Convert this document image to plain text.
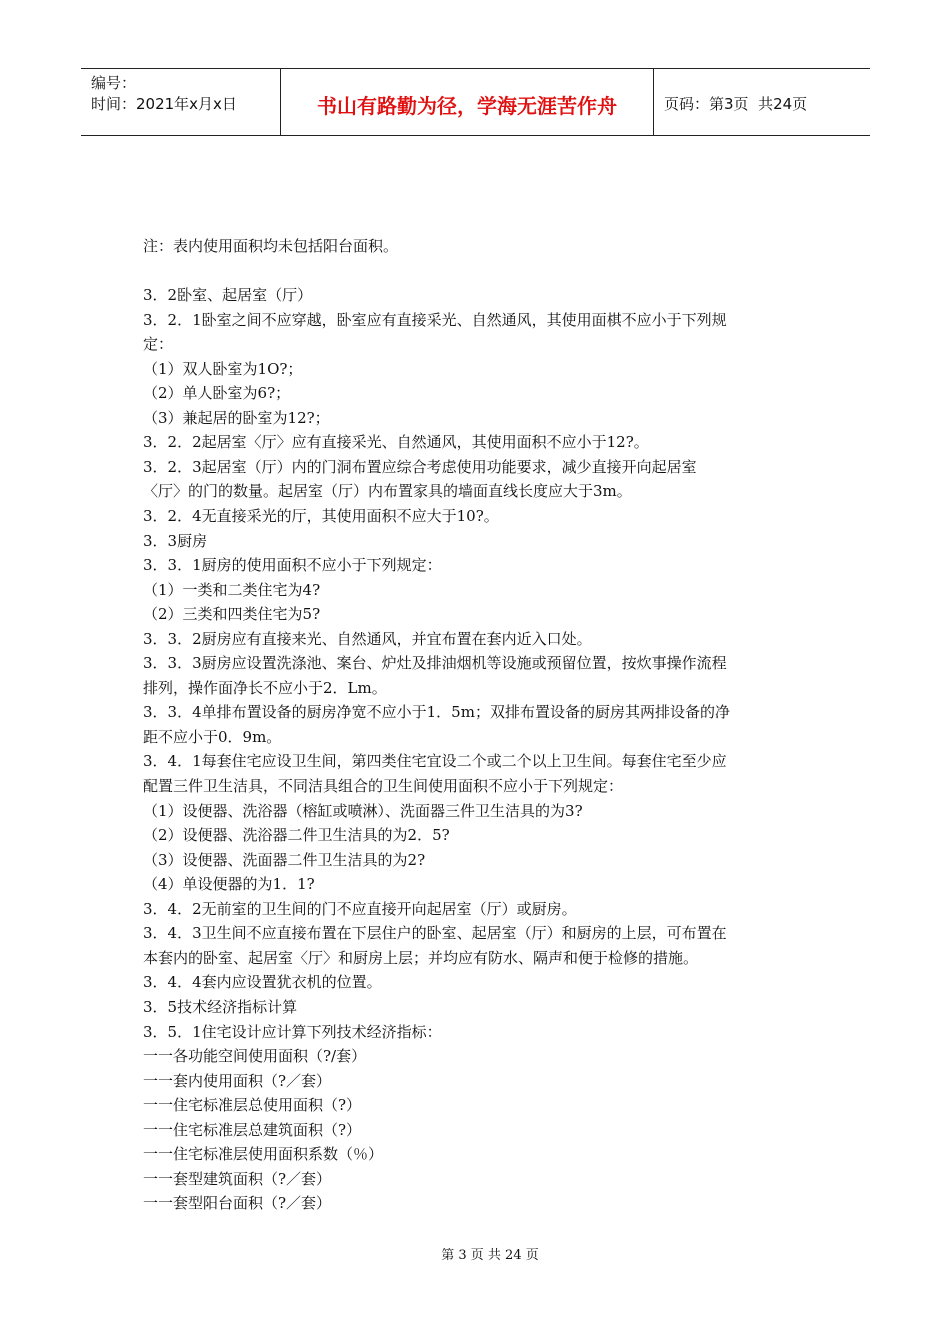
编号：
时间：2021年x月x日	书山有路勤为径，学海无涯苦作舟	页码：第3页  共24页
注：表内使用面积均未包括阳台面积。
3．2卧室、起居室（厅）
3．2．1卧室之间不应穿越，卧室应有直接采光、自然通风，其使用面棋不应小于下列规
定：
（1）双人卧室为1O?；
（2）单人卧室为6?；
（3）兼起居的卧室为12?；
3．2．2起居室〈厅〉应有直接采光、自然通风，其使用面积不应小于12?。
3．2．3起居室（厅）内的门洞布置应综合考虑使用功能要求，减少直接开向起居室
〈厅〉的门的数量。起居室（厅）内布置家具的墙面直线长度应大于3m。
3．2．4无直接采光的厅，其使用面积不应大于10?。
3．3厨房
3．3．1厨房的使用面积不应小于下列规定：
（1）一类和二类住宅为4?
（2）三类和四类住宅为5?
3．3．2厨房应有直接来光、自然通风，并宜布置在套内近入口处。
3．3．3厨房应设置洗涤池、案台、炉灶及排油烟机等设施或预留位置，按炊事操作流程
排列，操作面净长不应小于2．Lm。
3．3．4单排布置设备的厨房净宽不应小于1．5m；双排布置设备的厨房其两排设备的净
距不应小于0．9m。
3．4．1每套住宅应设卫生间，第四类住宅宜设二个或二个以上卫生间。每套住宅至少应
配置三件卫生洁具，不同洁具组合的卫生间使用面积不应小于下列规定：
（1）设便器、洗浴器（榕缸或喷淋）、洗面器三件卫生洁具的为3?
（2）设便器、洗浴器二件卫生洁具的为2．5?
（3）设便器、洗面器二件卫生洁具的为2?
（4）单设便器的为1．1?
3．4．2无前室的卫生间的门不应直接开向起居室（厅）或厨房。
3．4．3卫生间不应直接布置在下层住户的卧室、起居室（厅）和厨房的上层，可布置在
本套内的卧室、起居室〈厅〉和厨房上层；并均应有防水、隔声和便于检修的措施。
3．4．4套内应设置犹衣机的位置。
3．5技术经济指标计算
3．5．1住宅设计应计算下列技术经济指标：
一一各功能空间使用面积（?/套）
一一套内使用面积（?／套）
一一住宅标准层总使用面积（?）
一一住宅标准层总建筑面积（?）
一一住宅标准层使用面积系数（％）
一一套型建筑面积（?／套）
一一套型阳台面积（?／套）
第 3 页 共 24 页
